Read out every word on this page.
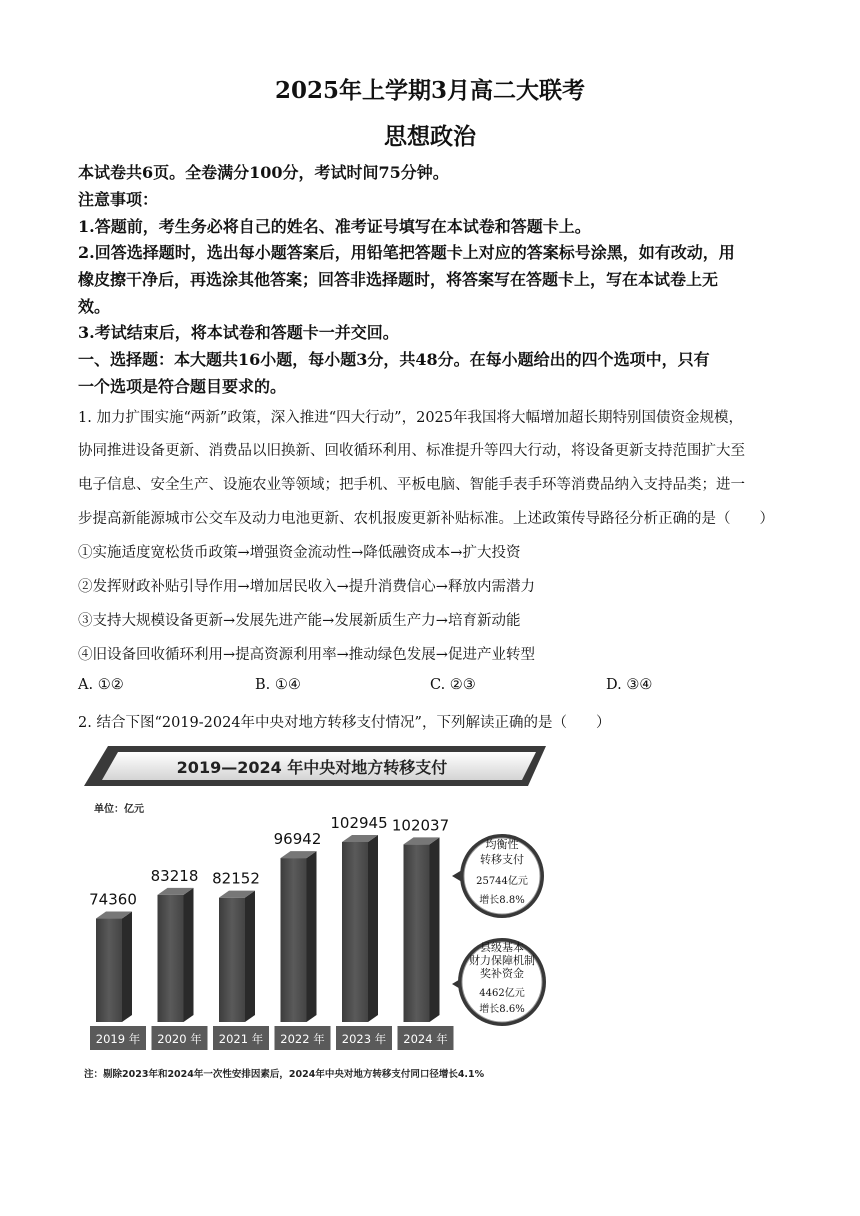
2025年上学期3月高二大联考
思想政治
本试卷共6页。全卷满分100分，考试时间75分钟。
注意事项：
1.答题前，考生务必将自己的姓名、准考证号填写在本试卷和答题卡上。
2.回答选择题时，选出每小题答案后，用铅笔把答题卡上对应的答案标号涂黑，如有改动，用
橡皮擦干净后，再选涂其他答案；回答非选择题时，将答案写在答题卡上，写在本试卷上无
效。
3.考试结束后，将本试卷和答题卡一并交回。
一、选择题：本大题共16小题，每小题3分，共48分。在每小题给出的四个选项中，只有
一个选项是符合题目要求的。
1. 加力扩围实施“两新”政策，深入推进“四大行动”，2025年我国将大幅增加超长期特别国债资金规模，
协同推进设备更新、消费品以旧换新、回收循环利用、标准提升等四大行动，将设备更新支持范围扩大至
电子信息、安全生产、设施农业等领域；把手机、平板电脑、智能手表手环等消费品纳入支持品类；进一
步提高新能源城市公交车及动力电池更新、农机报废更新补贴标准。上述政策传导路径分析正确的是（　　）
①实施适度宽松货币政策→增强资金流动性→降低融资成本→扩大投资
②发挥财政补贴引导作用→增加居民收入→提升消费信心→释放内需潜力
③支持大规模设备更新→发展先进产能→发展新质生产力→培育新动能
④旧设备回收循环利用→提高资源利用率→推动绿色发展→促进产业转型
A. ①②	B. ①④	C. ②③	D. ③④
2. 结合下图“2019-2024年中央对地方转移支付情况”，下列解读正确的是（　　）
2019—2024 年中央对地方转移支付
单位：亿元
74360
83218 82152
96942
102945 102037
2019 年 2020 年 2021 年 2022 年 2023 年 2024 年
均衡性
转移支付
25744亿元
增长8.8%
县级基本
财力保障机制
奖补资金
4462亿元
增长8.6%
注：剔除2023年和2024年一次性安排因素后，2024年中央对地方转移支付同口径增长4.1%
